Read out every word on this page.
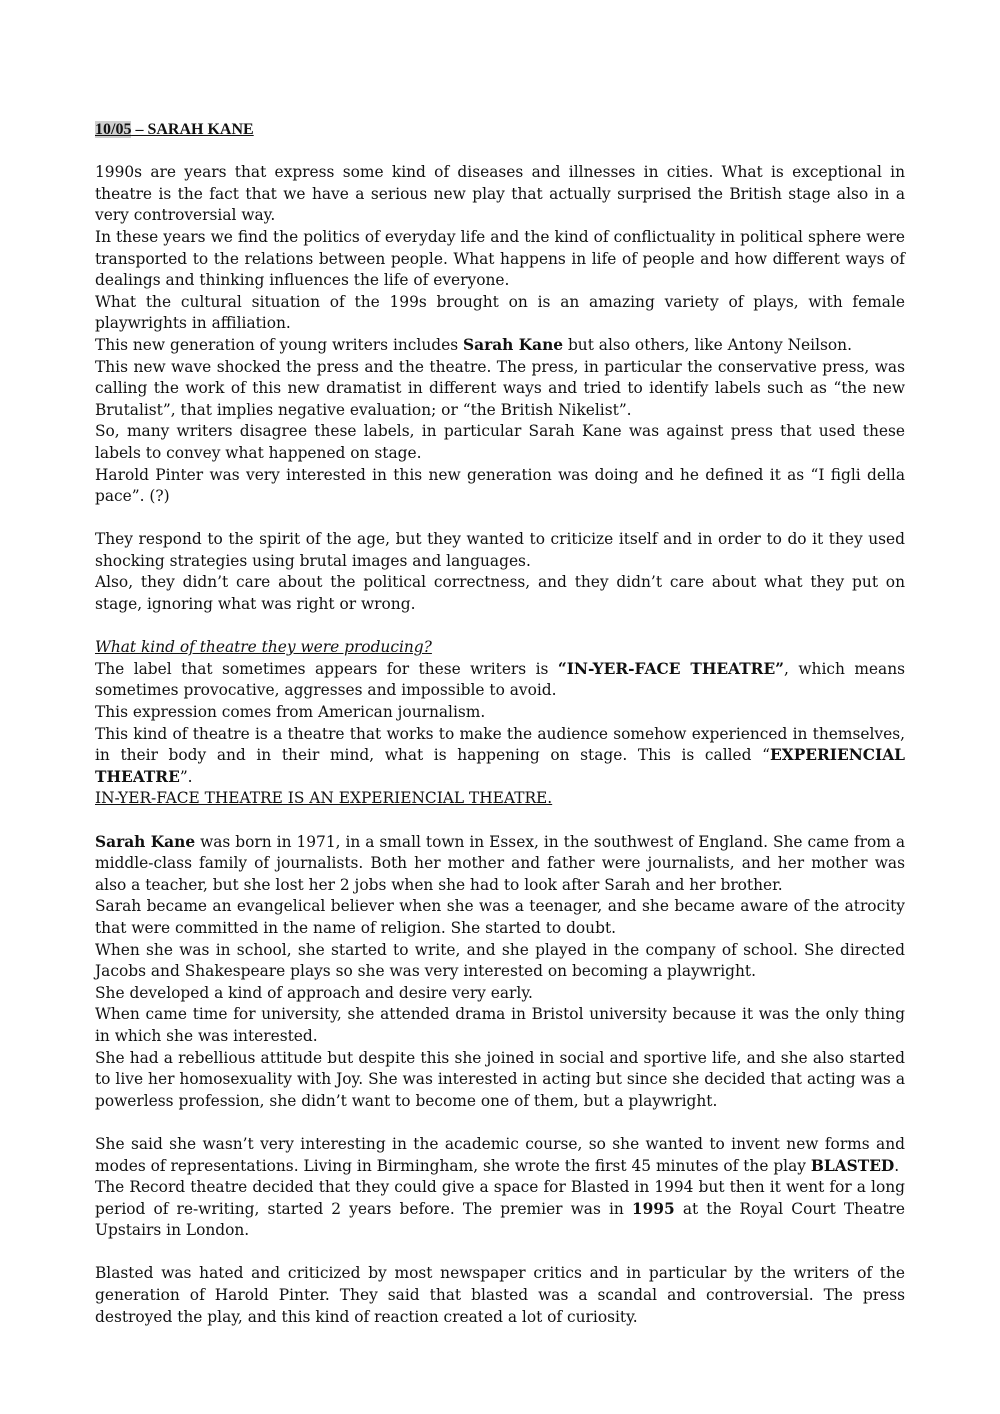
10/05 – SARAH KANE

1990s are years that express some kind of diseases and illnesses in cities. What is exceptional in theatre is the fact that we have a serious new play that actually surprised the British stage also in a very controversial way.

In these years we find the politics of everyday life and the kind of conflictuality in political sphere were transported to the relations between people. What happens in life of people and how different ways of dealings and thinking influences the life of everyone.

What the cultural situation of the 199s brought on is an amazing variety of plays, with female playwrights in affiliation.

This new generation of young writers includes Sarah Kane but also others, like Antony Neilson.

This new wave shocked the press and the theatre. The press, in particular the conservative press, was calling the work of this new dramatist in different ways and tried to identify labels such as “the new Brutalist”, that implies negative evaluation; or “the British Nikelist”.

So, many writers disagree these labels, in particular Sarah Kane was against press that used these labels to convey what happened on stage.

Harold Pinter was very interested in this new generation was doing and he defined it as “I figli della pace”. (?)

They respond to the spirit of the age, but they wanted to criticize itself and in order to do it they used shocking strategies using brutal images and languages.

Also, they didn’t care about the political correctness, and they didn’t care about what they put on stage, ignoring what was right or wrong.

What kind of theatre they were producing?

The label that sometimes appears for these writers is “IN-YER-FACE THEATRE”, which means sometimes provocative, aggresses and impossible to avoid.

This expression comes from American journalism.

This kind of theatre is a theatre that works to make the audience somehow experienced in themselves, in their body and in their mind, what is happening on stage. This is called “EXPERIENCIAL THEATRE”.

IN-YER-FACE THEATRE IS AN EXPERIENCIAL THEATRE.

Sarah Kane was born in 1971, in a small town in Essex, in the southwest of England. She came from a middle-class family of journalists. Both her mother and father were journalists, and her mother was also a teacher, but she lost her 2 jobs when she had to look after Sarah and her brother.

Sarah became an evangelical believer when she was a teenager, and she became aware of the atrocity that were committed in the name of religion. She started to doubt.

When she was in school, she started to write, and she played in the company of school. She directed Jacobs and Shakespeare plays so she was very interested on becoming a playwright.

She developed a kind of approach and desire very early.

When came time for university, she attended drama in Bristol university because it was the only thing in which she was interested.

She had a rebellious attitude but despite this she joined in social and sportive life, and she also started to live her homosexuality with Joy. She was interested in acting but since she decided that acting was a powerless profession, she didn’t want to become one of them, but a playwright.

She said she wasn’t very interesting in the academic course, so she wanted to invent new forms and modes of representations. Living in Birmingham, she wrote the first 45 minutes of the play BLASTED.

The Record theatre decided that they could give a space for Blasted in 1994 but then it went for a long period of re-writing, started 2 years before. The premier was in 1995 at the Royal Court Theatre Upstairs in London.

Blasted was hated and criticized by most newspaper critics and in particular by the writers of the generation of Harold Pinter. They said that blasted was a scandal and controversial. The press destroyed the play, and this kind of reaction created a lot of curiosity.
